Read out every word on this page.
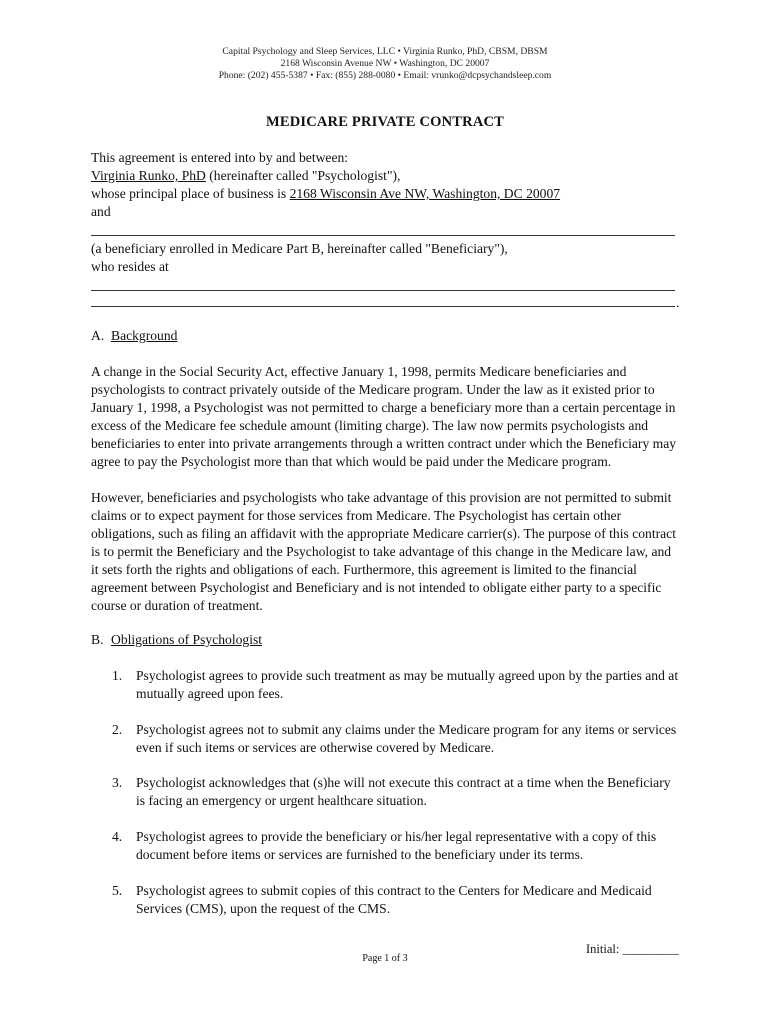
Capital Psychology and Sleep Services, LLC • Virginia Runko, PhD, CBSM, DBSM
2168 Wisconsin Avenue NW • Washington, DC 20007
Phone: (202) 455-5387 • Fax: (855) 288-0080 • Email: vrunko@dcpsychandsleep.com
MEDICARE PRIVATE CONTRACT
This agreement is entered into by and between:
Virginia Runko, PhD (hereinafter called "Psychologist"),
whose principal place of business is 2168 Wisconsin Ave NW, Washington, DC 20007
and
(a beneficiary enrolled in Medicare Part B, hereinafter called "Beneficiary"),
who resides at
.
A. Background

A change in the Social Security Act, effective January 1, 1998, permits Medicare beneficiaries and psychologists to contract privately outside of the Medicare program. Under the law as it existed prior to January 1, 1998, a Psychologist was not permitted to charge a beneficiary more than a certain percentage in excess of the Medicare fee schedule amount (limiting charge). The law now permits psychologists and beneficiaries to enter into private arrangements through a written contract under which the Beneficiary may agree to pay the Psychologist more than that which would be paid under the Medicare program.

However, beneficiaries and psychologists who take advantage of this provision are not permitted to submit claims or to expect payment for those services from Medicare. The Psychologist has certain other obligations, such as filing an affidavit with the appropriate Medicare carrier(s). The purpose of this contract is to permit the Beneficiary and the Psychologist to take advantage of this change in the Medicare law, and it sets forth the rights and obligations of each. Furthermore, this agreement is limited to the financial agreement between Psychologist and Beneficiary and is not intended to obligate either party to a specific course or duration of treatment.

B. Obligations of Psychologist
1. Psychologist agrees to provide such treatment as may be mutually agreed upon by the parties and at mutually agreed upon fees.
2. Psychologist agrees not to submit any claims under the Medicare program for any items or services even if such items or services are otherwise covered by Medicare.
3. Psychologist acknowledges that (s)he will not execute this contract at a time when the Beneficiary is facing an emergency or urgent healthcare situation.
4. Psychologist agrees to provide the beneficiary or his/her legal representative with a copy of this document before items or services are furnished to the beneficiary under its terms.
5. Psychologist agrees to submit copies of this contract to the Centers for Medicare and Medicaid Services (CMS), upon the request of the CMS.
Initial: _________
Page 1 of 3
